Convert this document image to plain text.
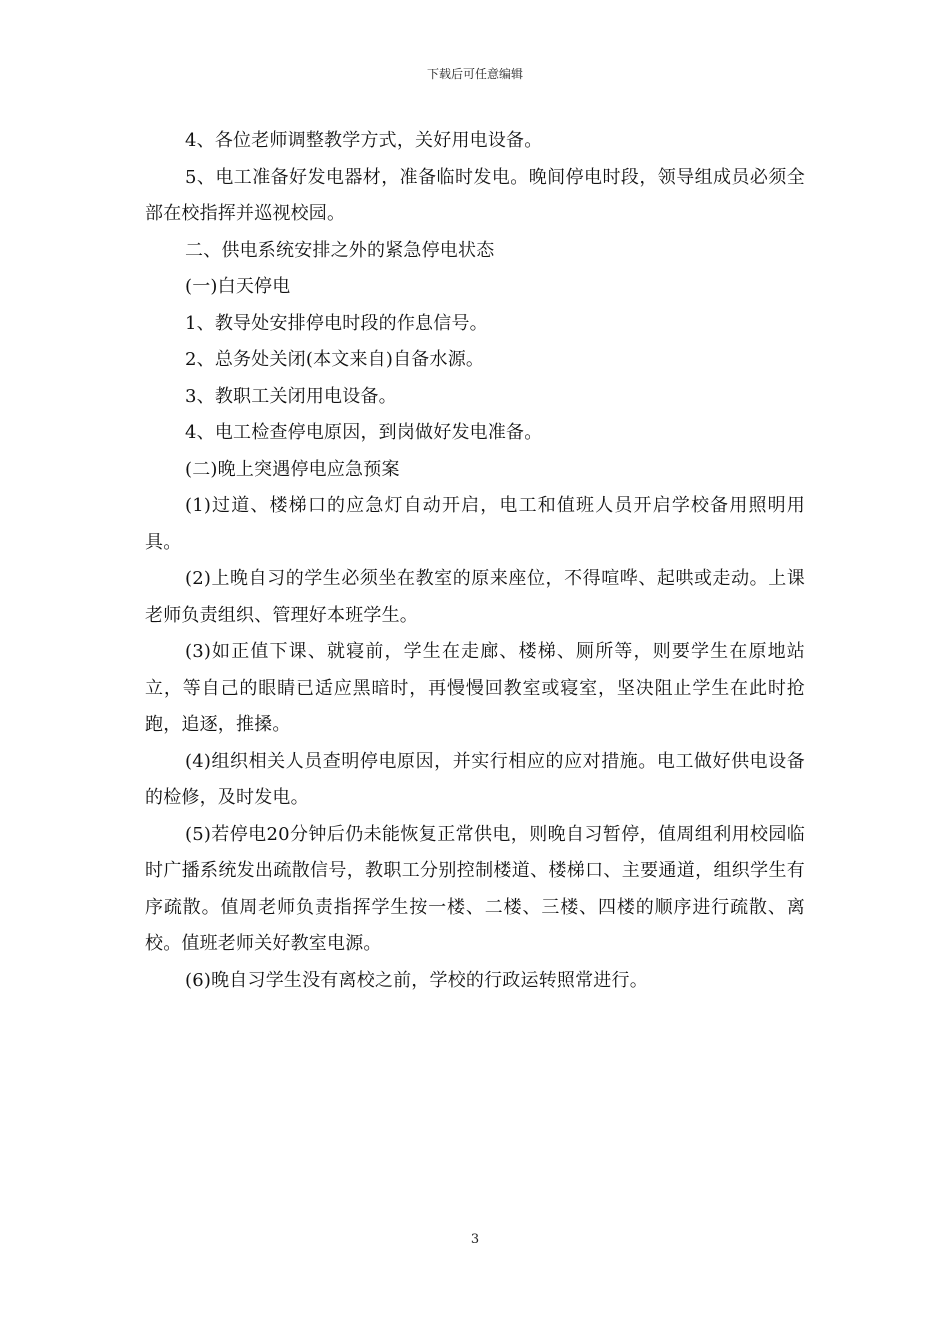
下载后可任意编辑

4、各位老师调整教学方式，关好用电设备。

5、电工准备好发电器材，准备临时发电。晚间停电时段，领导组成员必须全部在校指挥并巡视校园。

二、供电系统安排之外的紧急停电状态

(一)白天停电

1、教导处安排停电时段的作息信号。

2、总务处关闭(本文来自)自备水源。

3、教职工关闭用电设备。

4、电工检查停电原因，到岗做好发电准备。

(二)晚上突遇停电应急预案

(1)过道、楼梯口的应急灯自动开启，电工和值班人员开启学校备用照明用具。

(2)上晚自习的学生必须坐在教室的原来座位，不得喧哗、起哄或走动。上课老师负责组织、管理好本班学生。

(3)如正值下课、就寝前，学生在走廊、楼梯、厕所等，则要学生在原地站立，等自己的眼睛已适应黑暗时，再慢慢回教室或寝室，坚决阻止学生在此时抢跑，追逐，推搡。

(4)组织相关人员查明停电原因，并实行相应的应对措施。电工做好供电设备的检修，及时发电。

(5)若停电20分钟后仍未能恢复正常供电，则晚自习暂停，值周组利用校园临时广播系统发出疏散信号，教职工分别控制楼道、楼梯口、主要通道，组织学生有序疏散。值周老师负责指挥学生按一楼、二楼、三楼、四楼的顺序进行疏散、离校。值班老师关好教室电源。

(6)晚自习学生没有离校之前，学校的行政运转照常进行。

3
